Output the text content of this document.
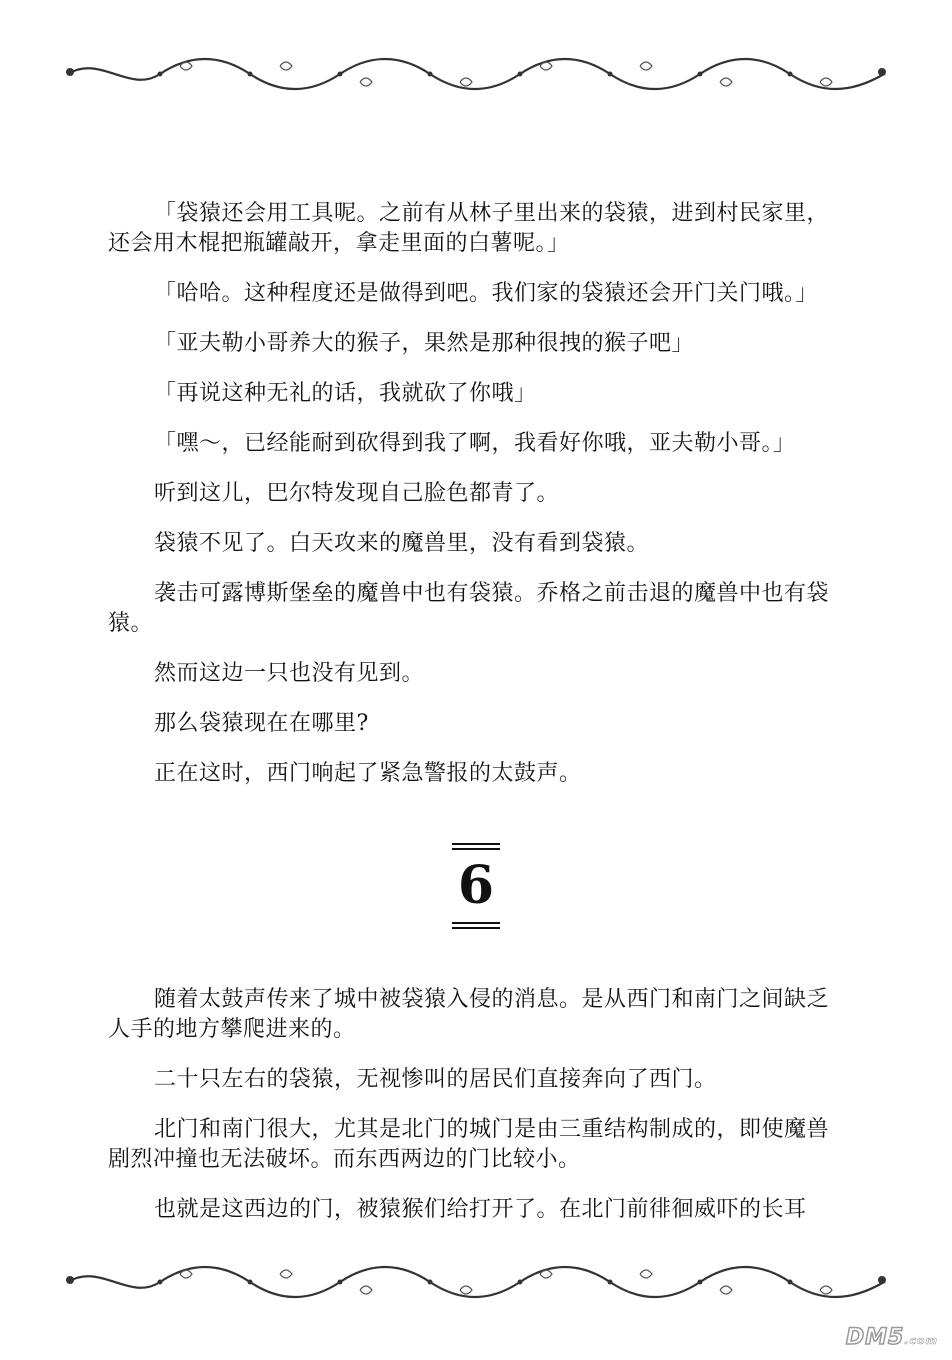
「袋猿还会用工具呢。之前有从林子里出来的袋猿，进到村民家里，还会用木棍把瓶罐敲开，拿走里面的白薯呢。」

「哈哈。这种程度还是做得到吧。我们家的袋猿还会开门关门哦。」

「亚夫勒小哥养大的猴子，果然是那种很拽的猴子吧」

「再说这种无礼的话，我就砍了你哦」

「嘿～，已经能耐到砍得到我了啊，我看好你哦，亚夫勒小哥。」

听到这儿，巴尔特发现自己脸色都青了。

袋猿不见了。白天攻来的魔兽里，没有看到袋猿。

袭击可露博斯堡垒的魔兽中也有袋猿。乔格之前击退的魔兽中也有袋猿。

然而这边一只也没有见到。

那么袋猿现在在哪里?

正在这时，西门响起了紧急警报的太鼓声。

6

随着太鼓声传来了城中被袋猿入侵的消息。是从西门和南门之间缺乏人手的地方攀爬进来的。

二十只左右的袋猿，无视惨叫的居民们直接奔向了西门。

北门和南门很大，尤其是北门的城门是由三重结构制成的，即使魔兽剧烈冲撞也无法破坏。而东西两边的门比较小。

也就是这西边的门，被猿猴们给打开了。在北门前徘徊威吓的长耳

DM5.com
